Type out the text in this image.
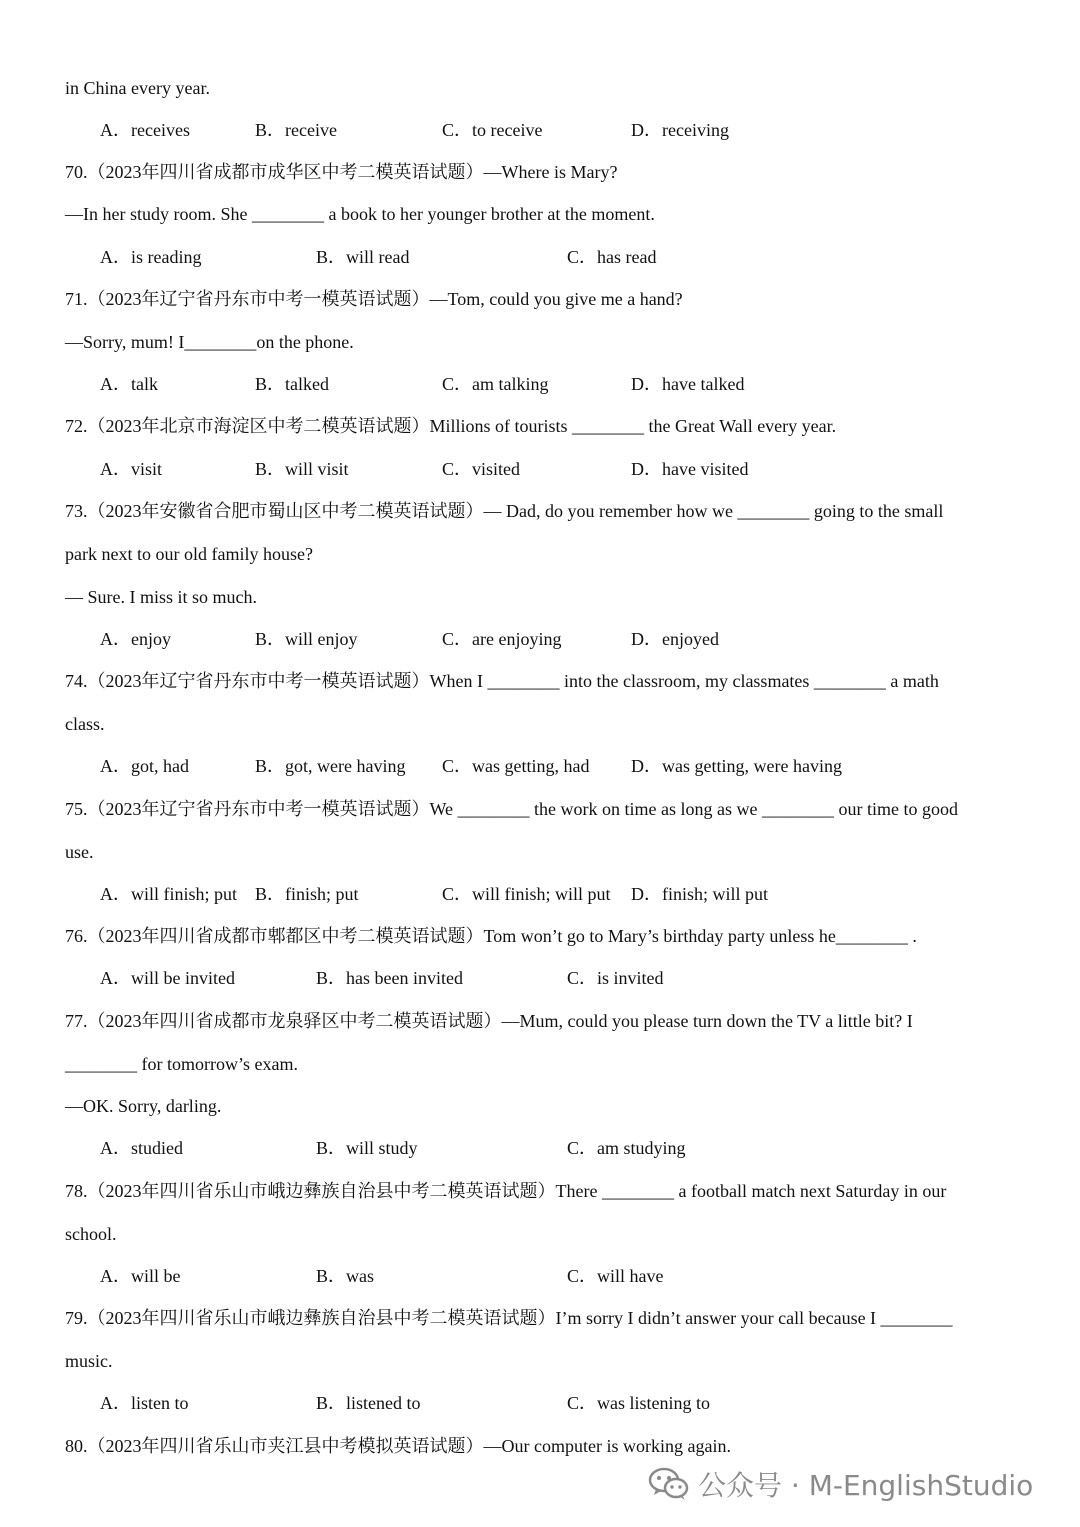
in China every year.
70.（2023年四川省成都市成华区中考二模英语试题）—Where is Mary?
—In her study room. She ________ a book to her younger brother at the moment.
71.（2023年辽宁省丹东市中考一模英语试题）—Tom, could you give me a hand?
—Sorry, mum! I________on the phone.
72.（2023年北京市海淀区中考二模英语试题）Millions of tourists ________ the Great Wall every year.
73.（2023年安徽省合肥市蜀山区中考二模英语试题）— Dad, do you remember how we ________ going to the small
park next to our old family house?
— Sure. I miss it so much.
74.（2023年辽宁省丹东市中考一模英语试题）When I ________ into the classroom, my classmates ________ a math
class.
75.（2023年辽宁省丹东市中考一模英语试题）We ________ the work on time as long as we ________ our time to good
use.
76.（2023年四川省成都市郫都区中考二模英语试题）Tom won’t go to Mary’s birthday party unless he________ .
77.（2023年四川省成都市龙泉驿区中考二模英语试题）—Mum, could you please turn down the TV a little bit? I
________ for tomorrow’s exam.
—OK. Sorry, darling.
78.（2023年四川省乐山市峨边彝族自治县中考二模英语试题）There ________ a football match next Saturday in our
school.
79.（2023年四川省乐山市峨边彝族自治县中考二模英语试题）I’m sorry I didn’t answer your call because I ________
music.
80.（2023年四川省乐山市夹江县中考模拟英语试题）—Our computer is working again.
A．receives	B．receive	C．to receive	D．receiving
A．is reading	B．will read	C．has read
A．talk	B．talked	C．am talking	D．have talked
A．visit	B．will visit	C．visited	D．have visited
A．enjoy	B．will enjoy	C．are enjoying	D．enjoyed
A．got, had	B．got, were having C．was getting, had D．was getting, were having
A．will finish; put B．finish; put	C．will finish; will put D．finish; will put
A．will be invited	B．has been invited	C．is invited
A．studied	B．will study	C．am studying
A．will be	B．was	C．will have
A．listen to	B．listened to	C．was listening to
公众号 · M-EnglishStudio
